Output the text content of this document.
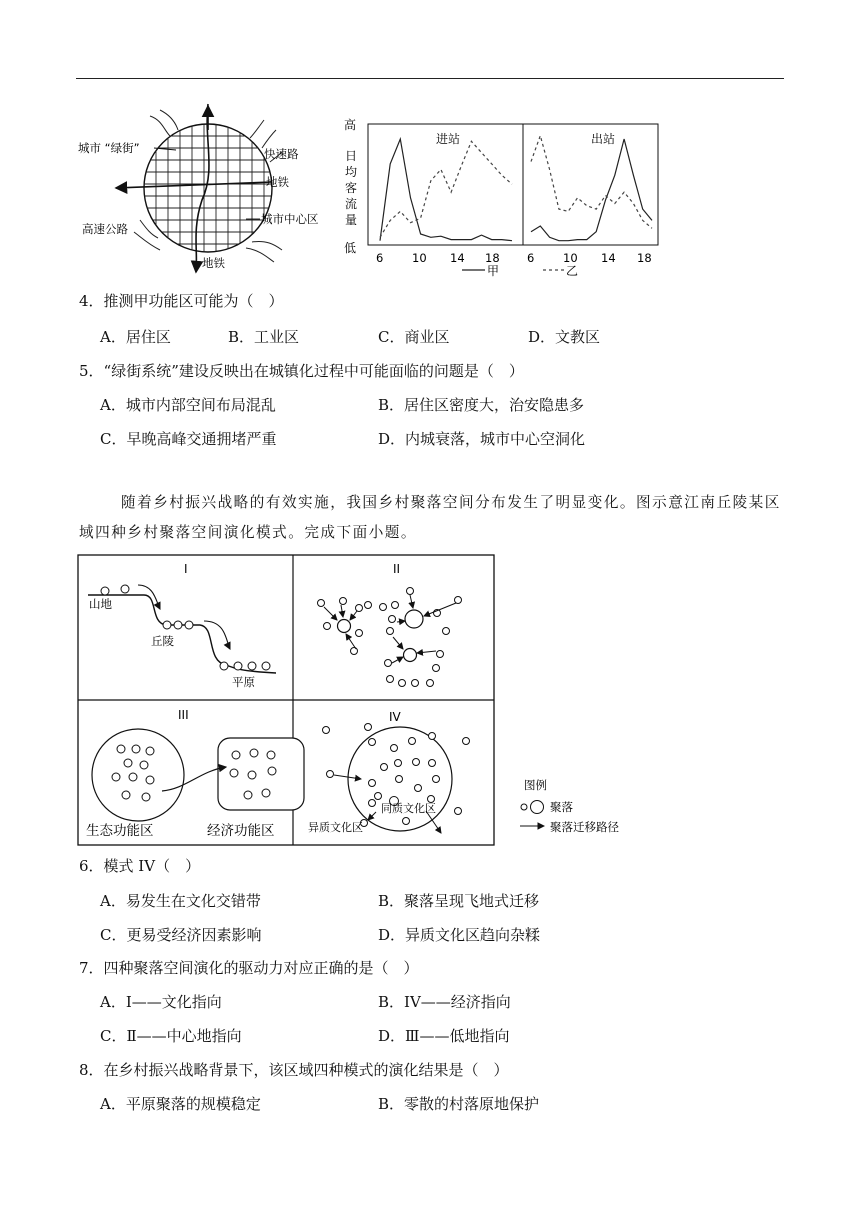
城市 “绿街”	快速路
地铁
高速公路
城市中心区
地铁
高
日
均
客
流
量
低
进站	出站
6 10 14 18 6 10 14 18
甲	乙
4．推测甲功能区可能为（　）
A．居住区	B．工业区	C．商业区	D．文教区
5．“绿街系统”建设反映出在城镇化过程中可能面临的问题是（　）
A．城市内部空间布局混乱	B．居住区密度大，治安隐患多
C．早晚高峰交通拥堵严重	D．内城衰落，城市中心空洞化
随着乡村振兴战略的有效实施，我国乡村聚落空间分布发生了明显变化。图示意江南丘陵某区域四种乡村聚落空间演化模式。完成下面小题。
I
山地
丘陵
平原
II
III
生态功能区	经济功能区
IV
同质文化区
异质文化区
图例
聚落
聚落迁移路径
6．模式 IV（　）
A．易发生在文化交错带	B．聚落呈现飞地式迁移
C．更易受经济因素影响	D．异质文化区趋向杂糅
7．四种聚落空间演化的驱动力对应正确的是（　）
A．I——文化指向	B．IV——经济指向
C．Ⅱ——中心地指向	D．Ⅲ——低地指向
8．在乡村振兴战略背景下，该区域四种模式的演化结果是（　）
A．平原聚落的规模稳定	B．零散的村落原地保护
